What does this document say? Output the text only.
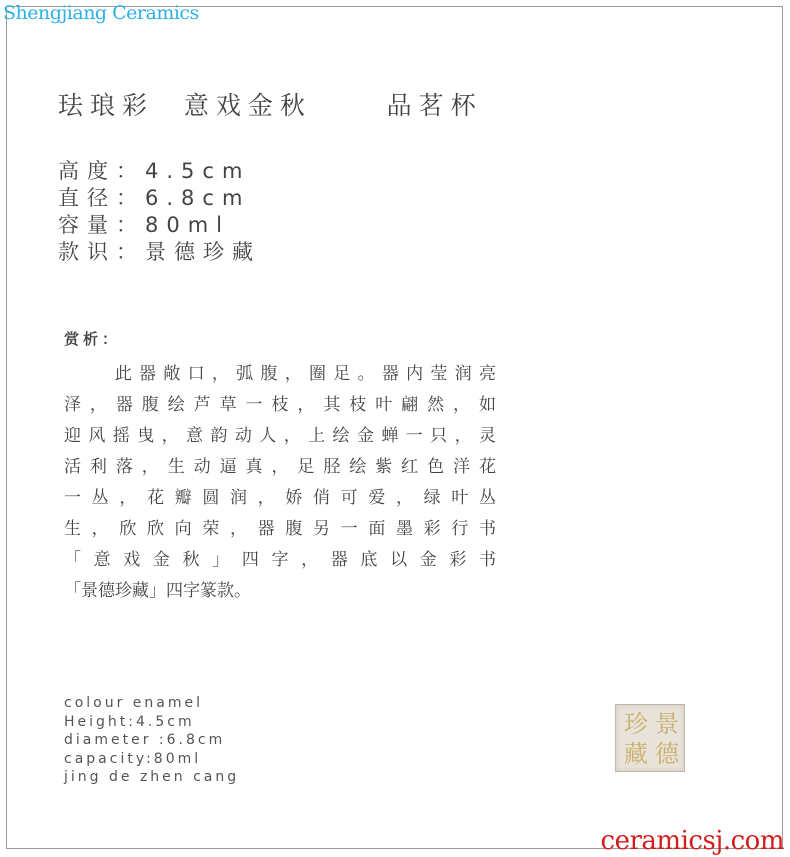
Shengjiang Ceramics
珐琅彩  意戏金秋     品茗杯
高度：4.5cm
直径：6.8cm
容量：80ml
款识：景德珍藏
赏析：
此器敞口，弧腹，圈足。器内莹润亮
泽，器腹绘芦草一枝，其枝叶翩然，如
迎风摇曳，意韵动人，上绘金蝉一只，灵
活利落，生动逼真，足胫绘紫红色洋花
一丛，花瓣圆润，娇俏可爱，绿叶丛
生，欣欣向荣，器腹另一面墨彩行书
「意戏金秋」四字，器底以金彩书
「景德珍藏」四字篆款。
colour enamel
Height:4.5cm
diameter :6.8cm
capacity:80ml
jing de zhen cang
景
德
珍
藏
ceramicsj.com
